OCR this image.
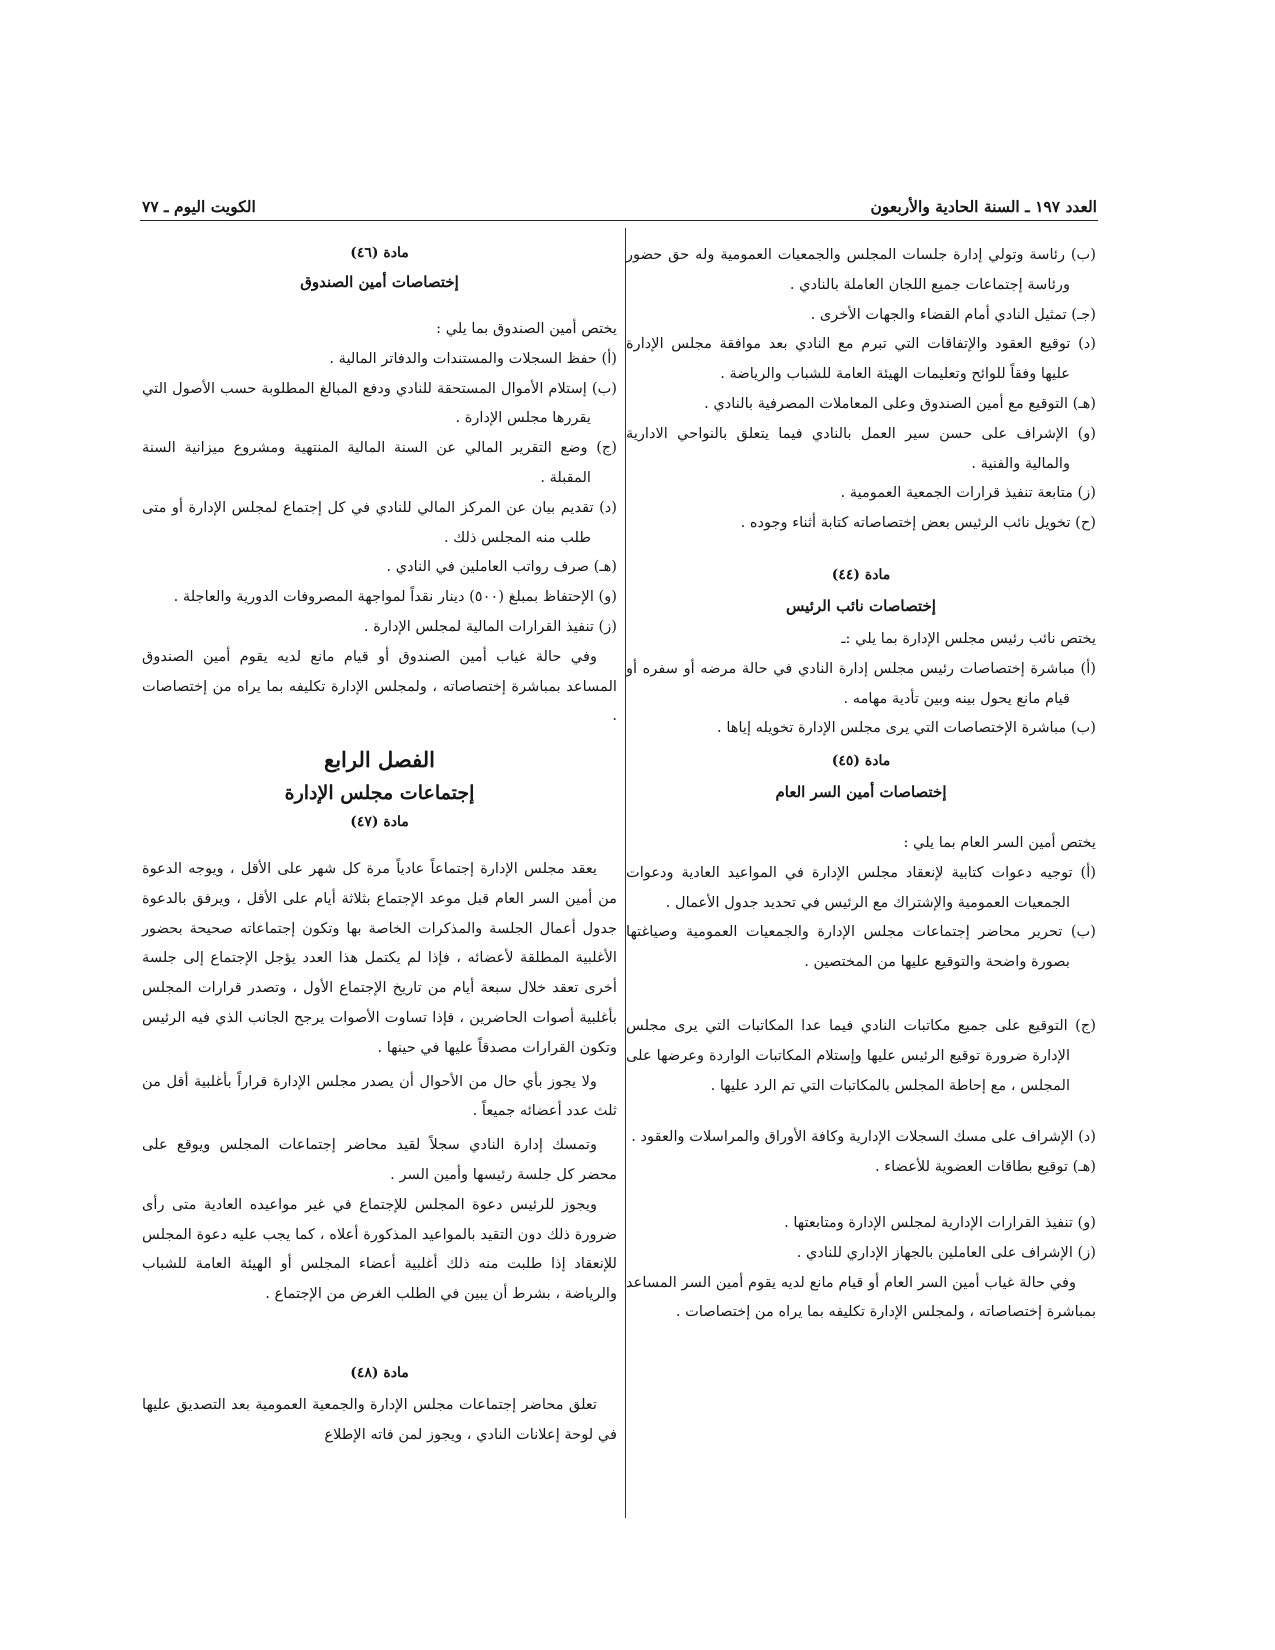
العدد ١٩٧ ـ السنة الحادية والأربعون
الكويت اليوم ـ ٧٧

(ب) رئاسة وتولي إدارة جلسات المجلس والجمعيات العمومية وله حق حضور ورئاسة إجتماعات جميع اللجان العاملة بالنادي .

(جـ) تمثيل النادي أمام القضاء والجهات الأخرى .

(د) توقيع العقود والإتفاقات التي تبرم مع النادي بعد موافقة مجلس الإدارة عليها وفقاً للوائح وتعليمات الهيئة العامة للشباب والرياضة .

(هـ) التوقيع مع أمين الصندوق وعلى المعاملات المصرفية بالنادي .

(و) الإشراف على حسن سير العمل بالنادي فيما يتعلق بالنواحي الادارية والمالية والفنية .

(ز) متابعة تنفيذ قرارات الجمعية العمومية .

(ح) تخويل نائب الرئيس بعض إختصاصاته كتابة أثناء وجوده .

مادة (٤٤)
إختصاصات نائب الرئيس

يختص نائب رئيس مجلس الإدارة بما يلي :ـ

(أ) مباشرة إختصاصات رئيس مجلس إدارة النادي في حالة مرضه أو سفره أو قيام مانع يحول بينه وبين تأدية مهامه .

(ب) مباشرة الإختصاصات التي يرى مجلس الإدارة تخويله إياها .

مادة (٤٥)
إختصاصات أمين السر العام

يختص أمين السر العام بما يلي :

(أ) توجيه دعوات كتابية لإنعقاد مجلس الإدارة في المواعيد العادية ودعوات الجمعيات العمومية والإشتراك مع الرئيس في تحديد جدول الأعمال .

(ب) تحرير محاضر إجتماعات مجلس الإدارة والجمعيات العمومية وصياغتها بصورة واضحة والتوقيع عليها من المختصين .

(ج) التوقيع على جميع مكاتبات النادي فيما عدا المكاتبات التي يرى مجلس الإدارة ضرورة توقيع الرئيس عليها وإستلام المكاتبات الواردة وعرضها على المجلس ، مع إحاطة المجلس بالمكاتبات التي تم الرد عليها .

(د) الإشراف على مسك السجلات الإدارية وكافة الأوراق والمراسلات والعقود .

(هـ) توقيع بطاقات العضوية للأعضاء .

(و) تنفيذ القرارات الإدارية لمجلس الإدارة ومتابعتها .

(ز) الإشراف على العاملين بالجهاز الإداري للنادي .

وفي حالة غياب أمين السر العام أو قيام مانع لديه يقوم أمين السر المساعد بمباشرة إختصاصاته ، ولمجلس الإدارة تكليفه بما يراه من إختصاصات .

مادة (٤٦)
إختصاصات أمين الصندوق

يختص أمين الصندوق بما يلي :

(أ) حفظ السجلات والمستندات والدفاتر المالية .

(ب) إستلام الأموال المستحقة للنادي ودفع المبالغ المطلوبة حسب الأصول التي يقررها مجلس الإدارة .

(ج) وضع التقرير المالي عن السنة المالية المنتهية ومشروع ميزانية السنة المقبلة .

(د) تقديم بيان عن المركز المالي للنادي في كل إجتماع لمجلس الإدارة أو متى طلب منه المجلس ذلك .

(هـ) صرف رواتب العاملين في النادي .

(و) الإحتفاظ بمبلغ (٥٠٠) دينار نقداً لمواجهة المصروفات الدورية والعاجلة .

(ز) تنفيذ القرارات المالية لمجلس الإدارة .

وفي حالة غياب أمين الصندوق أو قيام مانع لديه يقوم أمين الصندوق المساعد بمباشرة إختصاصاته ، ولمجلس الإدارة تكليفه بما يراه من إختصاصات .

الفصل الرابع
إجتماعات مجلس الإدارة
مادة (٤٧)

يعقد مجلس الإدارة إجتماعاً عادياً مرة كل شهر على الأقل ، ويوجه الدعوة من أمين السر العام قبل موعد الإجتماع بثلاثة أيام على الأقل ، ويرفق بالدعوة جدول أعمال الجلسة والمذكرات الخاصة بها وتكون إجتماعاته صحيحة بحضور الأغلبية المطلقة لأعضائه ، فإذا لم يكتمل هذا العدد يؤجل الإجتماع إلى جلسة أخرى تعقد خلال سبعة أيام من تاريخ الإجتماع الأول ، وتصدر قرارات المجلس بأغلبية أصوات الحاضرين ، فإذا تساوت الأصوات يرجح الجانب الذي فيه الرئيس وتكون القرارات مصدقاً عليها في حينها .

ولا يجوز بأي حال من الأحوال أن يصدر مجلس الإدارة قراراً بأغلبية أقل من ثلث عدد أعضائه جميعاً .

وتمسك إدارة النادي سجلاً لقيد محاضر إجتماعات المجلس ويوقع على محضر كل جلسة رئيسها وأمين السر .

ويجوز للرئيس دعوة المجلس للإجتماع في غير مواعيده العادية متى رأى ضرورة ذلك دون التقيد بالمواعيد المذكورة أعلاه ، كما يجب عليه دعوة المجلس للإنعقاد إذا طلبت منه ذلك أغلبية أعضاء المجلس أو الهيئة العامة للشباب والرياضة ، بشرط أن يبين في الطلب الغرض من الإجتماع .

مادة (٤٨)

تعلق محاضر إجتماعات مجلس الإدارة والجمعية العمومية بعد التصديق عليها في لوحة إعلانات النادي ، ويجوز لمن فاته الإطلاع
